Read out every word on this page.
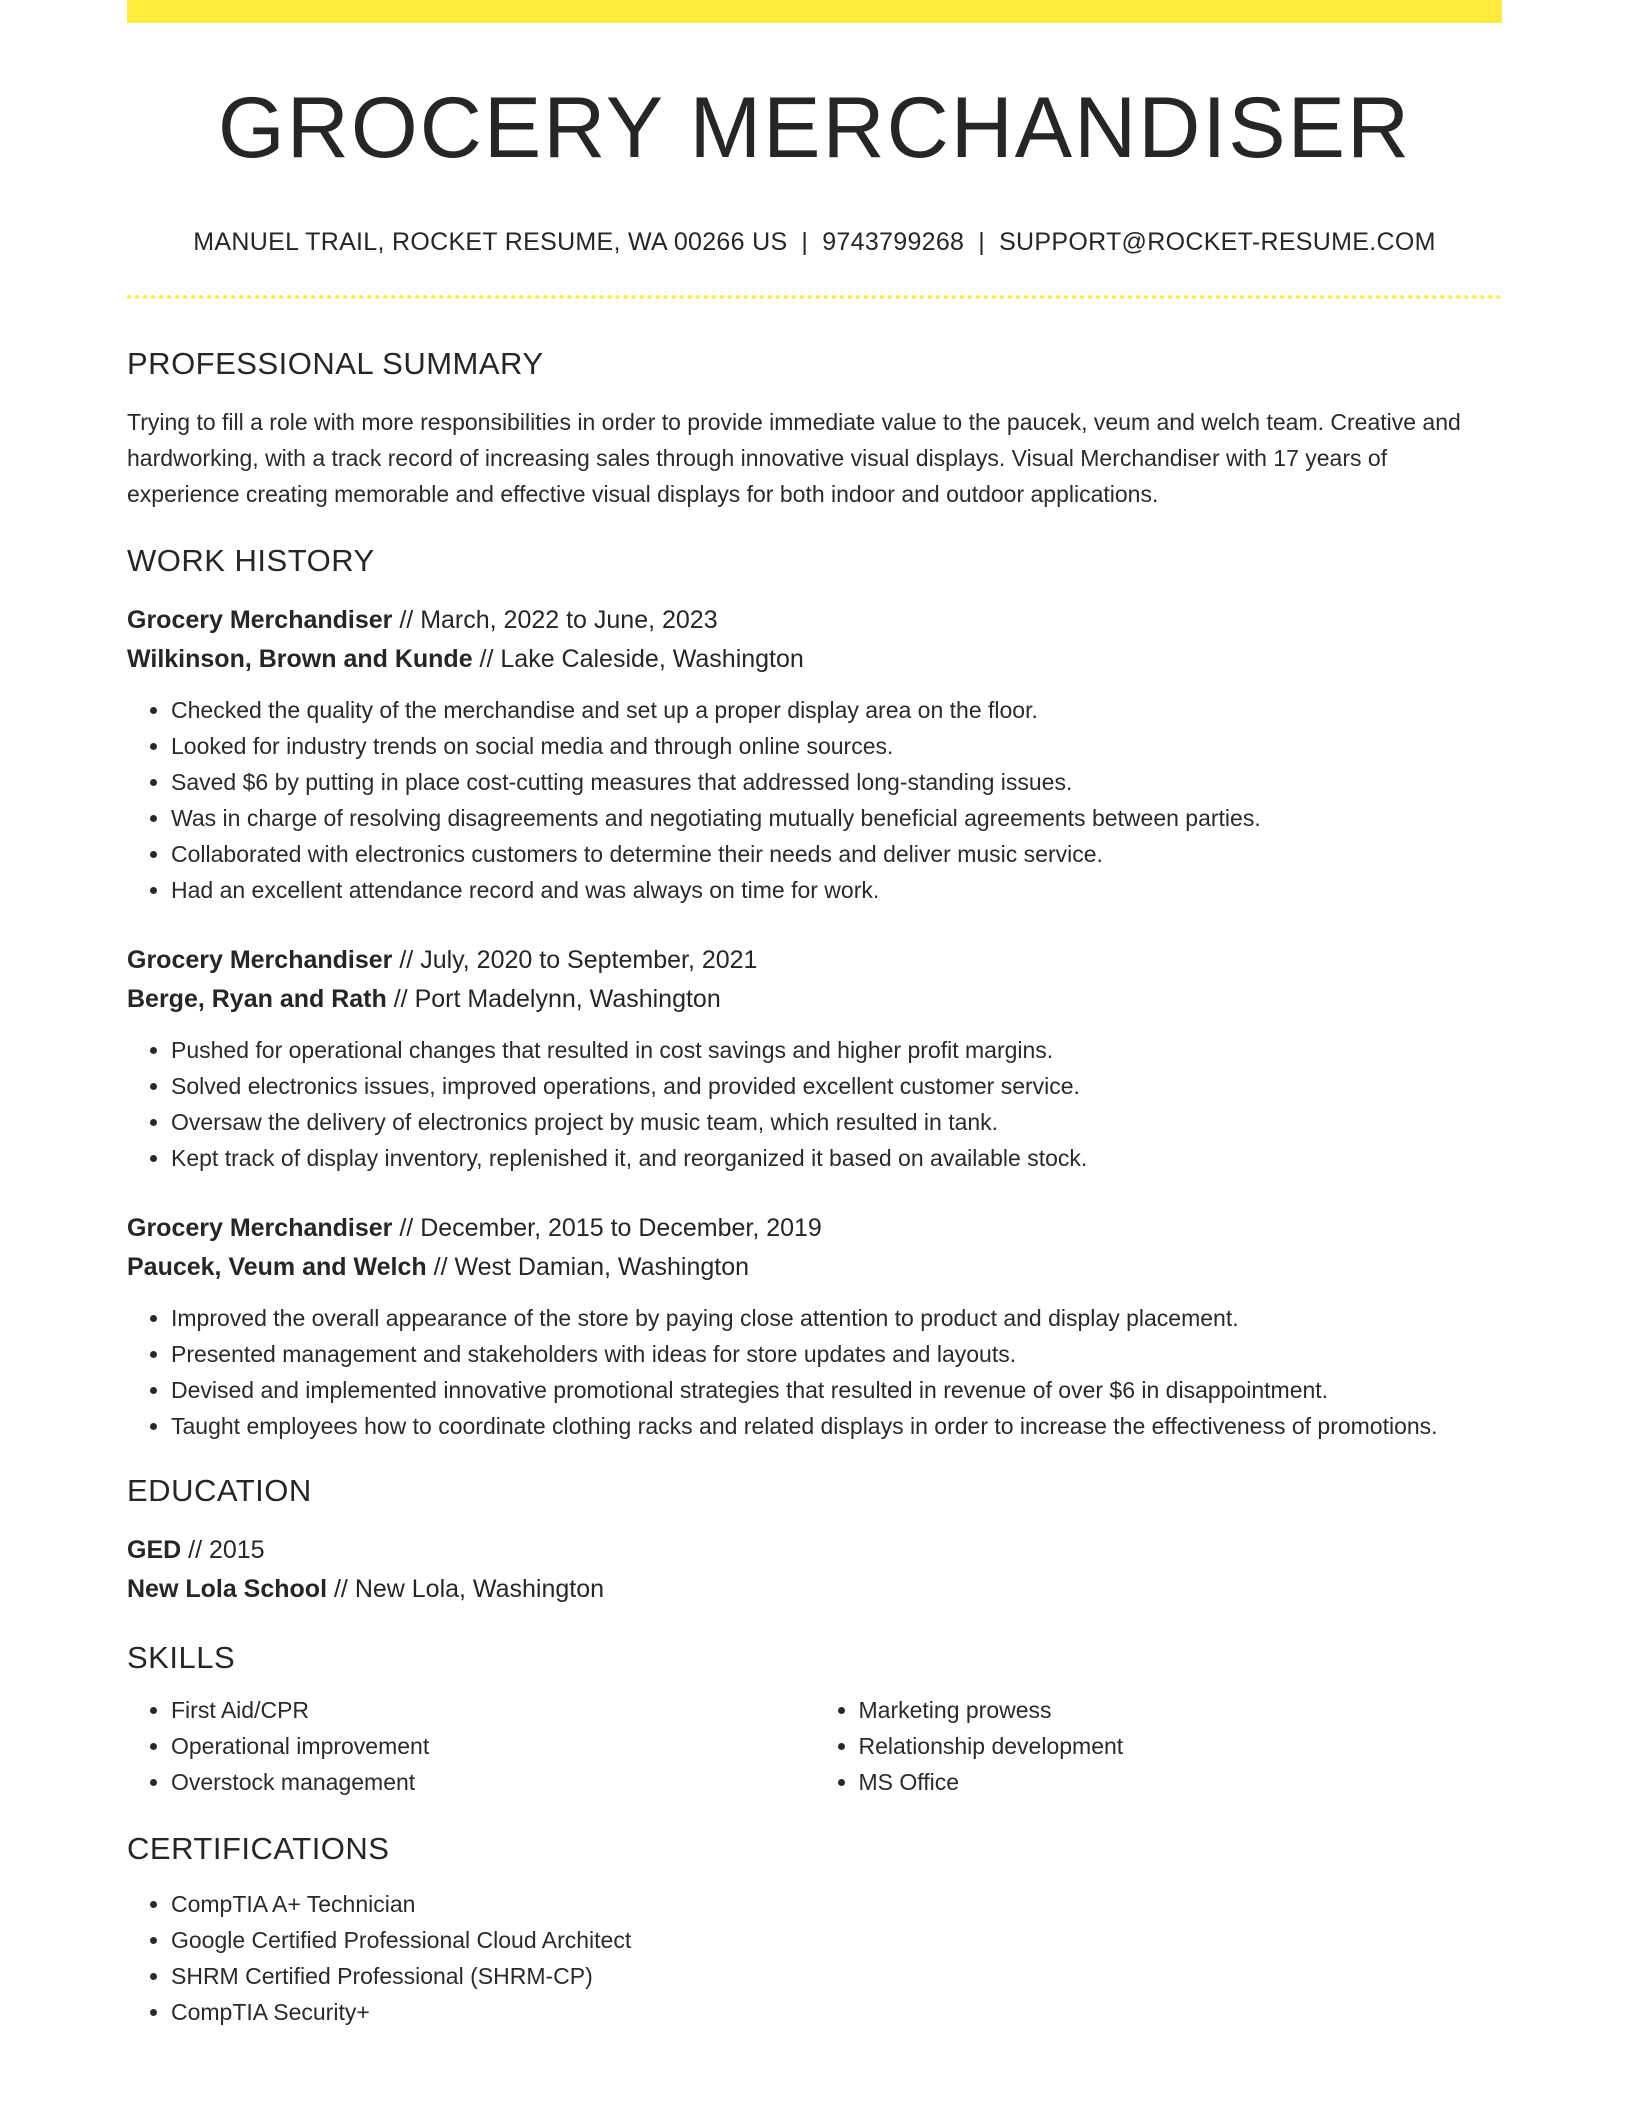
GROCERY MERCHANDISER
MANUEL TRAIL, ROCKET RESUME, WA 00266 US | 9743799268 | SUPPORT@ROCKET-RESUME.COM
PROFESSIONAL SUMMARY

Trying to fill a role with more responsibilities in order to provide immediate value to the paucek, veum and welch team. Creative and hardworking, with a track record of increasing sales through innovative visual displays. Visual Merchandiser with 17 years of experience creating memorable and effective visual displays for both indoor and outdoor applications.

WORK HISTORY
Grocery Merchandiser // March, 2022 to June, 2023
Wilkinson, Brown and Kunde // Lake Caleside, Washington
• Checked the quality of the merchandise and set up a proper display area on the floor.
• Looked for industry trends on social media and through online sources.
• Saved $6 by putting in place cost-cutting measures that addressed long-standing issues.
• Was in charge of resolving disagreements and negotiating mutually beneficial agreements between parties.
• Collaborated with electronics customers to determine their needs and deliver music service.
• Had an excellent attendance record and was always on time for work.
Grocery Merchandiser // July, 2020 to September, 2021
Berge, Ryan and Rath // Port Madelynn, Washington
• Pushed for operational changes that resulted in cost savings and higher profit margins.
• Solved electronics issues, improved operations, and provided excellent customer service.
• Oversaw the delivery of electronics project by music team, which resulted in tank.
• Kept track of display inventory, replenished it, and reorganized it based on available stock.
Grocery Merchandiser // December, 2015 to December, 2019
Paucek, Veum and Welch // West Damian, Washington
• Improved the overall appearance of the store by paying close attention to product and display placement.
• Presented management and stakeholders with ideas for store updates and layouts.
• Devised and implemented innovative promotional strategies that resulted in revenue of over $6 in disappointment.
• Taught employees how to coordinate clothing racks and related displays in order to increase the effectiveness of promotions.
EDUCATION
GED // 2015
New Lola School // New Lola, Washington
SKILLS
• First Aid/CPR
• Operational improvement
• Overstock management
• Marketing prowess
• Relationship development
• MS Office
CERTIFICATIONS
• CompTIA A+ Technician
• Google Certified Professional Cloud Architect
• SHRM Certified Professional (SHRM-CP)
• CompTIA Security+
